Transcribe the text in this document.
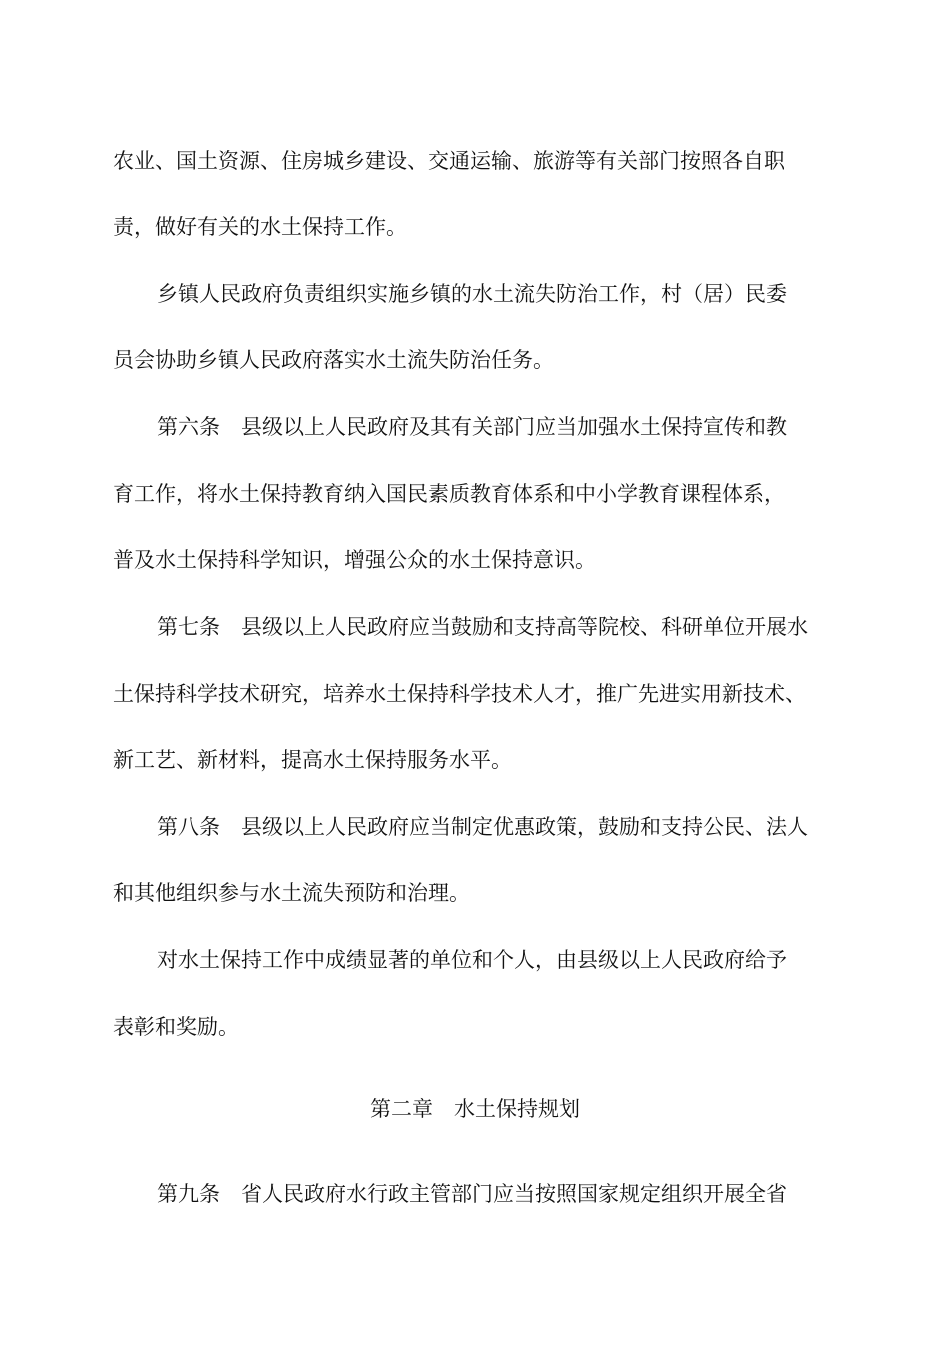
农业、国土资源、住房城乡建设、交通运输、旅游等有关部门按照各自职

责，做好有关的水土保持工作。

乡镇人民政府负责组织实施乡镇的水土流失防治工作，村（居）民委

员会协助乡镇人民政府落实水土流失防治任务。

第六条　县级以上人民政府及其有关部门应当加强水土保持宣传和教

育工作，将水土保持教育纳入国民素质教育体系和中小学教育课程体系，

普及水土保持科学知识，增强公众的水土保持意识。

第七条　县级以上人民政府应当鼓励和支持高等院校、科研单位开展水

土保持科学技术研究，培养水土保持科学技术人才，推广先进实用新技术、

新工艺、新材料，提高水土保持服务水平。

第八条　县级以上人民政府应当制定优惠政策，鼓励和支持公民、法人

和其他组织参与水土流失预防和治理。

对水土保持工作中成绩显著的单位和个人，由县级以上人民政府给予

表彰和奖励。

第二章　水土保持规划

第九条　省人民政府水行政主管部门应当按照国家规定组织开展全省
